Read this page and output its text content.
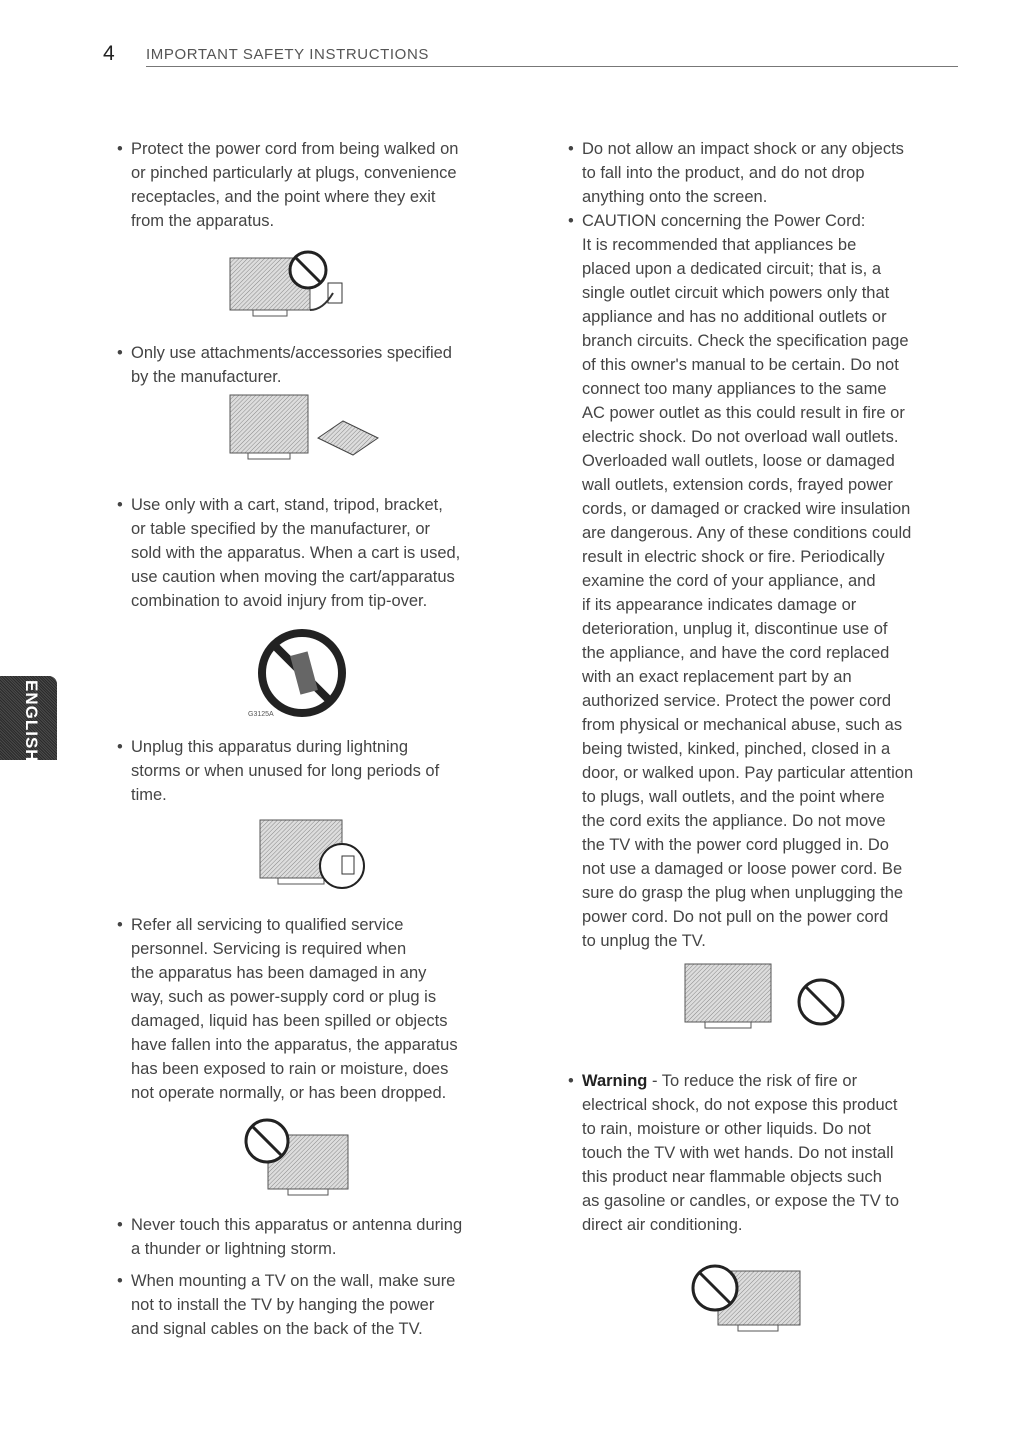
4 IMPORTANT SAFETY INSTRUCTIONS
ENGLISH
• Protect the power cord from being walked on
or pinched particularly at plugs, convenience
receptacles, and the point where they exit
from the apparatus.
• Only use attachments/accessories specified
by the manufacturer.
• Use only with a cart, stand, tripod, bracket,
or table specified by the manufacturer, or
sold with the apparatus. When a cart is used,
use caution when moving the cart/apparatus
combination to avoid injury from tip-over.
G3125A
• Unplug this apparatus during lightning
storms or when unused for long periods of
time.
• Refer all servicing to qualified service
personnel. Servicing is required when
the apparatus has been damaged in any
way, such as power-supply cord or plug is
damaged, liquid has been spilled or objects
have fallen into the apparatus, the apparatus
has been exposed to rain or moisture, does
not operate normally, or has been dropped.
• Never touch this apparatus or antenna during
a thunder or lightning storm.
• When mounting a TV on the wall, make sure
not to install the TV by hanging the power
and signal cables on the back of the TV.
• Do not allow an impact shock or any objects
to fall into the product, and do not drop
anything onto the screen.
• CAUTION concerning the Power Cord:
It is recommended that appliances be
placed upon a dedicated circuit; that is, a
single outlet circuit which powers only that
appliance and has no additional outlets or
branch circuits. Check the specification page
of this owner's manual to be certain. Do not
connect too many appliances to the same
AC power outlet as this could result in fire or
electric shock. Do not overload wall outlets.
Overloaded wall outlets, loose or damaged
wall outlets, extension cords, frayed power
cords, or damaged or cracked wire insulation
are dangerous. Any of these conditions could
result in electric shock or fire. Periodically
examine the cord of your appliance, and
if its appearance indicates damage or
deterioration, unplug it, discontinue use of
the appliance, and have the cord replaced
with an exact replacement part by an
authorized service. Protect the power cord
from physical or mechanical abuse, such as
being twisted, kinked, pinched, closed in a
door, or walked upon. Pay particular attention
to plugs, wall outlets, and the point where
the cord exits the appliance. Do not move
the TV with the power cord plugged in. Do
not use a damaged or loose power cord. Be
sure do grasp the plug when unplugging the
power cord. Do not pull on the power cord
to unplug the TV.
• Warning - To reduce the risk of fire or
electrical shock, do not expose this product
to rain, moisture or other liquids. Do not
touch the TV with wet hands. Do not install
this product near flammable objects such
as gasoline or candles, or expose the TV to
direct air conditioning.
